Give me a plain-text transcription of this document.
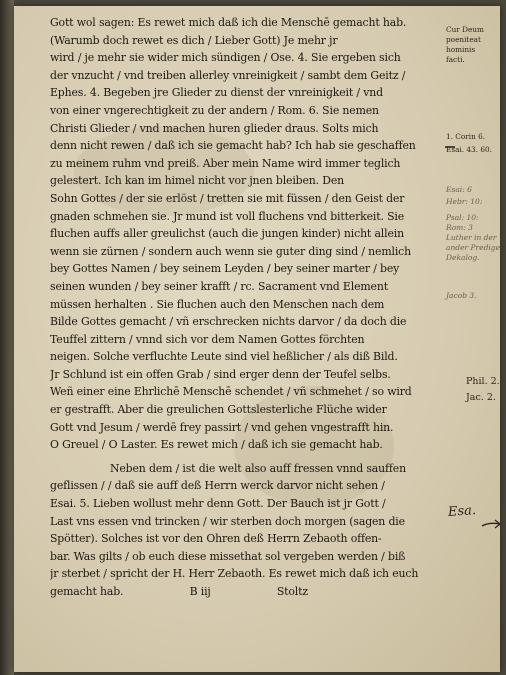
Gott wol sagen: Es rewet mich daß ich die Menschē gemacht hab.
(Warumb doch rewet es dich / Lieber Gott) Je mehr jr
wird / je mehr sie wider mich sündigen / Ose. 4. Sie ergeben sich
der vnzucht / vnd treiben allerley vnreinigkeit / sambt dem Geitz /
Ephes. 4. Begeben jre Glieder zu dienst der vnreinigkeit / vnd
von einer vngerechtigkeit zu der andern / Rom. 6. Sie nemen
Christi Glieder / vnd machen huren glieder draus. Solts mich
denn nicht rewen / daß ich sie gemacht hab? Ich hab sie geschaffen
zu meinem ruhm vnd preiß. Aber mein Name wird immer teglich
gelestert. Ich kan im himel nicht vor jnen bleiben. Den
Sohn Gottes / der sie erlöst / tretten sie mit füssen / den Geist der
gnaden schmehen sie. Jr mund ist voll fluchens vnd bitterkeit. Sie
fluchen auffs aller greulichst (auch die jungen kinder) nicht allein
wenn sie zürnen / sondern auch wenn sie guter ding sind / nemlich
bey Gottes Namen / bey seinem Leyden / bey seiner marter / bey
seinen wunden / bey seiner krafft / rc. Sacrament vnd Element
müssen herhalten . Sie fluchen auch den Menschen nach dem
Bilde Gottes gemacht / vñ erschrecken nichts darvor / da doch die
Teuffel zittern / vnnd sich vor dem Namen Gottes förchten
neigen. Solche verfluchte Leute sind viel heßlicher / als diß Bild.
Jr Schlund ist ein offen Grab / sind erger denn der Teufel selbs.
Weñ einer eine Ehrlichē Menschē schendet / vñ schmehet / so wird
er gestrafft. Aber die greulichen Gottslesterliche Flüche wider
Gott vnd Jesum / werdē frey passirt / vnd gehen vngestrafft hin.
O Greuel / O Laster. Es rewet mich / daß ich sie gemacht hab.
Neben dem / ist die welt also auff fressen vnnd sauffen
geflissen / / daß sie auff deß Herrn werck darvor nicht sehen /
Esai. 5. Lieben wollust mehr denn Gott. Der Bauch ist jr Gott /
Last vns essen vnd trincken / wir sterben doch morgen (sagen die
Spötter). Solches ist vor den Ohren deß Herrn Zebaoth offen-
bar. Was gilts / ob euch diese missethat sol vergeben werden / biß
jr sterbet / spricht der H. Herr Zebaoth. Es rewet mich daß ich euch
gemacht hab.                    B iij                    Stoltz
Cur Deum
poeniteat
hominis
facti.
1. Corin 6.
Esai. 43. 60.
Esai: 6
Hebr: 10:
Psal: 10:
Rom: 3
Luther in der
ander Predige
Dekalog.
Jacob 3.
Phil. 2.
Jac. 2.
Esa.
